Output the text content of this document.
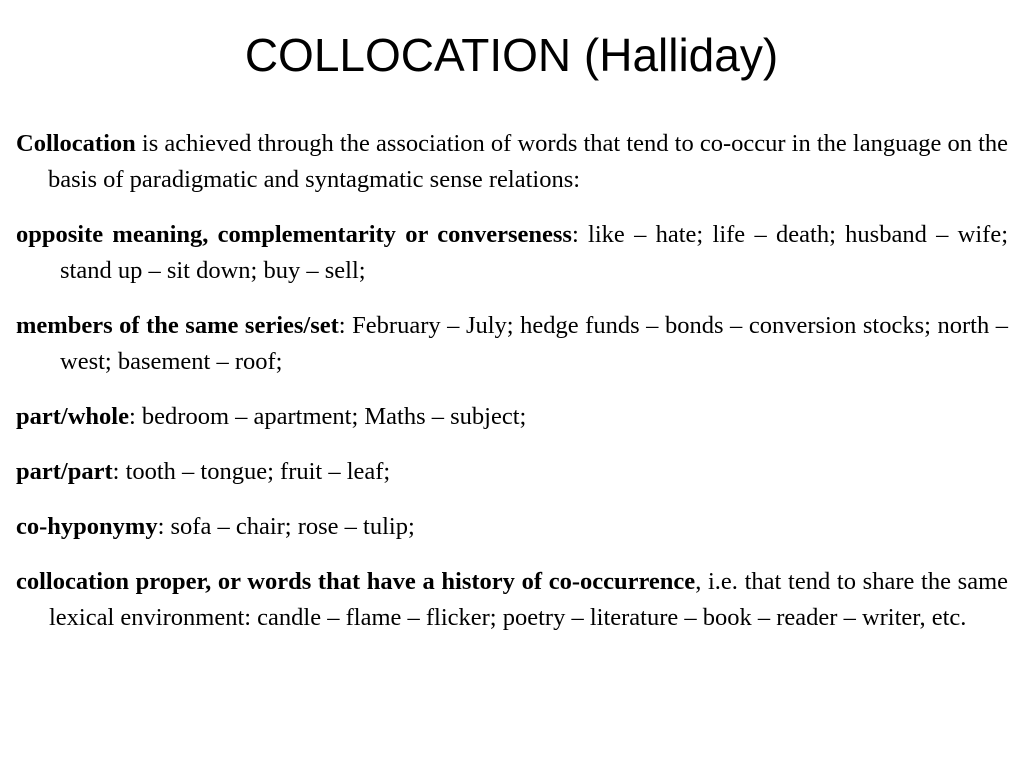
COLLOCATION (Halliday)

Collocation is achieved through the association of words that tend to co-occur in the language on the basis of paradigmatic and syntagmatic sense relations:

opposite meaning, complementarity or converseness: like – hate; life – death; husband – wife; stand up – sit down; buy – sell;

members of the same series/set: February – July; hedge funds – bonds – conversion stocks; north – west; basement – roof;

part/whole: bedroom – apartment; Maths – subject;

part/part: tooth – tongue; fruit – leaf;

co-hyponymy: sofa – chair; rose – tulip;

collocation proper, or words that have a history of co-occurrence, i.e. that tend to share the same lexical environment: candle – flame – flicker; poetry – literature – book – reader – writer, etc.
